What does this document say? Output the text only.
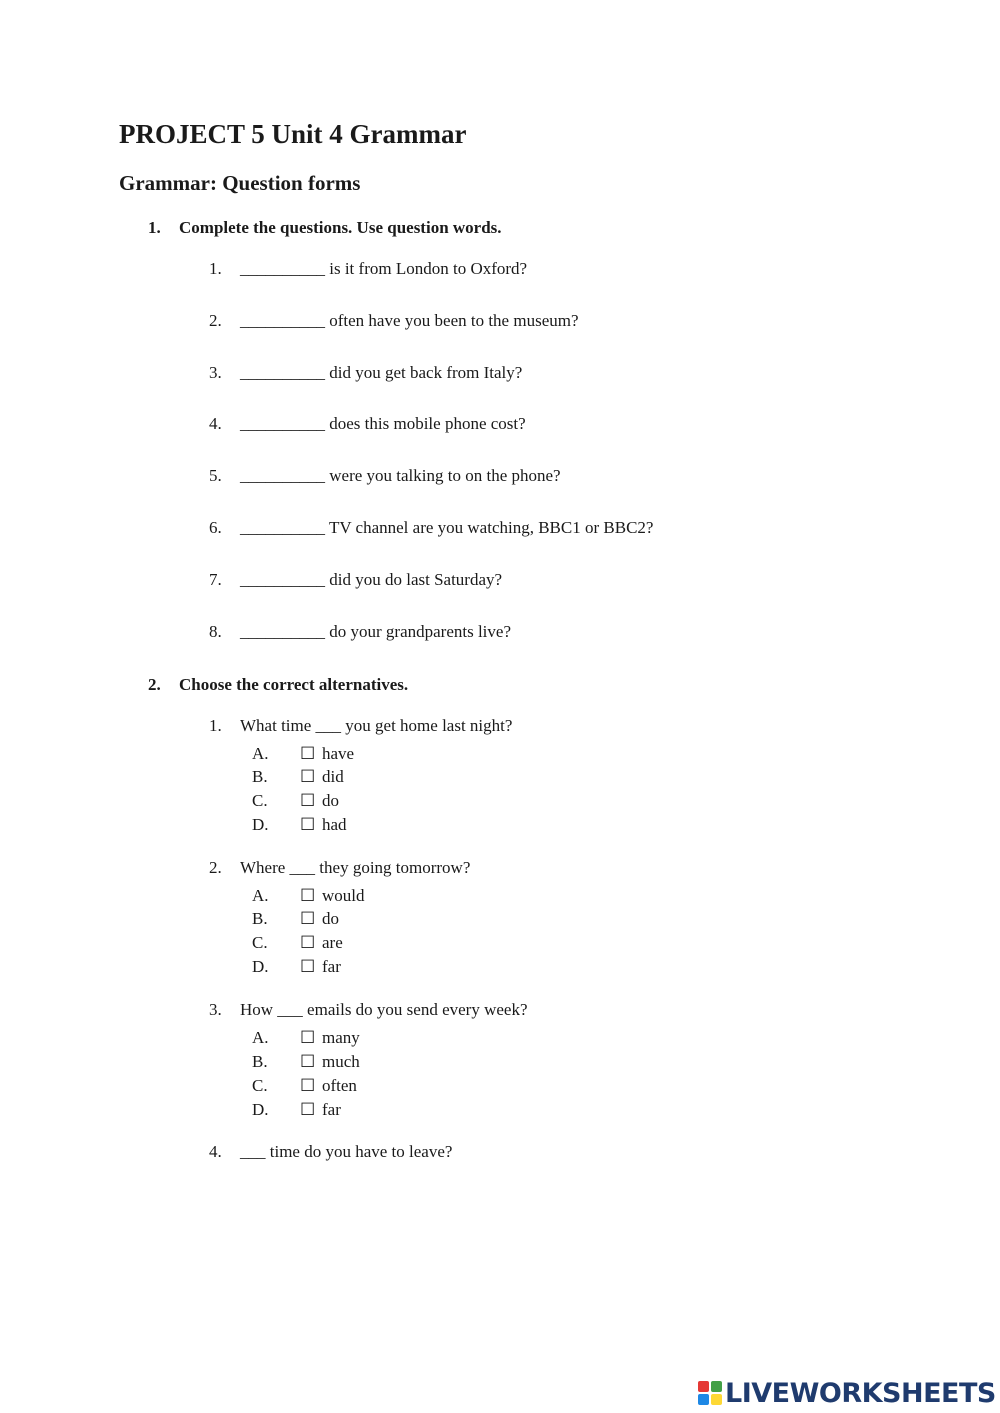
PROJECT 5 Unit 4 Grammar
Grammar: Question forms
1. Complete the questions. Use question words.
1. __________ is it from London to Oxford?
2. __________ often have you been to the museum?
3. __________ did you get back from Italy?
4. __________ does this mobile phone cost?
5. __________ were you talking to on the phone?
6. __________ TV channel are you watching, BBC1 or BBC2?
7. __________ did you do last Saturday?
8. __________ do your grandparents live?
2. Choose the correct alternatives.
1. What time ___ you get home last night?
A. ☐ have
B. ☐ did
C. ☐ do
D. ☐ had
2. Where ___ they going tomorrow?
A. ☐ would
B. ☐ do
C. ☐ are
D. ☐ far
3. How ___ emails do you send every week?
A. ☐ many
B. ☐ much
C. ☐ often
D. ☐ far
4. ___ time do you have to leave?
LIVEWORKSHEETS
